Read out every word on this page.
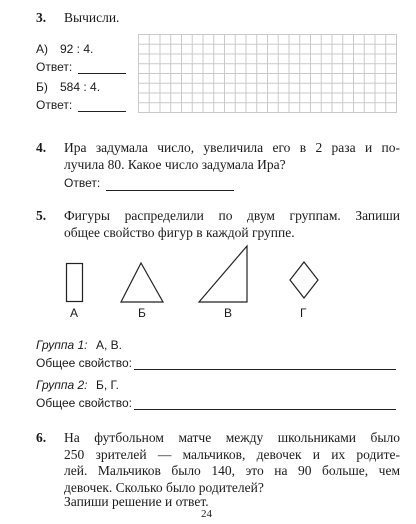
3. Вычисли.
А) 92 : 4.
Ответ:
Б) 584 : 4.
Ответ:
4. Ира задумала число, увеличила его в 2 раза и по-
лучила 80. Какое число задумала Ира?
Ответ:
5. Фигуры распределили по двум группам. Запиши
общее свойство фигур в каждой группе.
А	Б	В	Г
Группа 1: А, В.
Общее свойство:
Группа 2: Б, Г.
Общее свойство:
6. На футбольном матче между школьниками было
250 зрителей — мальчиков, девочек и их родите-
лей. Мальчиков было 140, это на 90 больше, чем
девочек. Сколько было родителей?
Запиши решение и ответ.
24
